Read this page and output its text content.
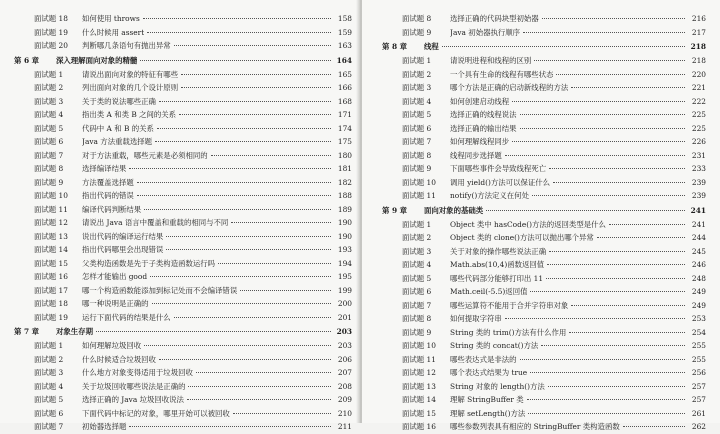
面试题 18	如何使用 throws	158
面试题 19	什么时候用 assert	159
面试题 20	判断哪几条语句有抛出异常	163
第 6 章	深入理解面向对象的精髓	164
面试题 1	请说出面向对象的特征有哪些	165
面试题 2	列出面向对象的几个设计原则	166
面试题 3	关于类的说法哪些正确	168
面试题 4	指出类 A 和类 B 之间的关系	171
面试题 5	代码中 A 和 B 的关系	174
面试题 6	Java 方法重载选择题	175
面试题 7	对于方法重载，哪些元素是必须相同的	180
面试题 8	选择编译结果	181
面试题 9	方法覆盖选择题	182
面试题 10	指出代码的错误	188
面试题 11	编译代码判断结果	189
面试题 12	请说出 Java 语言中覆盖和重载的相同与不同	190
面试题 13	说出代码的编译运行结果	190
面试题 14	指出代码哪里会出现错误	193
面试题 15	父类构造函数是先于子类构造函数运行吗	194
面试题 16	怎样才能输出 good	195
面试题 17	哪一个构造函数能添加到标记处而不会编译错误	199
面试题 18	哪一种说明是正确的	200
面试题 19	运行下面代码的结果是什么	201
第 7 章	对象生存期	203
面试题 1	如何理解垃圾回收	203
面试题 2	什么时候适合垃圾回收	206
面试题 3	什么地方对象变得适用于垃圾回收	207
面试题 4	关于垃圾回收哪些说法是正确的	208
面试题 5	选择正确的 Java 垃圾回收说法	209
面试题 6	下面代码中标记的对象，哪里开始可以被回收	210
面试题 7	初始器选择题	211
面试题 8	选择正确的代码块型初始器	216
面试题 9	Java 初始器执行顺序	217
第 8 章	线程	218
面试题 1	请说明进程和线程的区别	218
面试题 2	一个具有生命的线程有哪些状态	220
面试题 3	哪个方法是正确的启动新线程的方法	221
面试题 4	如何创建启动线程	222
面试题 5	选择正确的线程说法	225
面试题 6	选择正确的输出结果	225
面试题 7	如何理解线程同步	226
面试题 8	线程同步选择题	231
面试题 9	下面哪些事件会导致线程死亡	233
面试题 10	调用 yield()方法可以保证什么	239
面试题 11	notify()方法定义在何处	239
第 9 章	面向对象的基础类	241
面试题 1	Object 类中 hasCode()方法的返回类型是什么	241
面试题 2	Object 类的 clone()方法可以抛出哪个异常	244
面试题 3	关于对象的操作哪些说法正确	245
面试题 4	Math.abs(10,4)函数返回值	246
面试题 5	哪些代码部分能够打印出 11	248
面试题 6	Math.ceil(-5.5)返回值	249
面试题 7	哪些运算符不能用于合并字符串对象	249
面试题 8	如何提取字符串	253
面试题 9	String 类的 trim()方法有什么作用	254
面试题 10	String 类的 concat()方法	255
面试题 11	哪些表达式是非法的	255
面试题 12	哪个表达式结果为 true	256
面试题 13	String 对象的 length()方法	257
面试题 14	理解 StringBuffer 类	257
面试题 15	理解 setLength()方法	261
面试题 16	哪些参数列表具有相应的 StringBuffer 类构造函数	262
